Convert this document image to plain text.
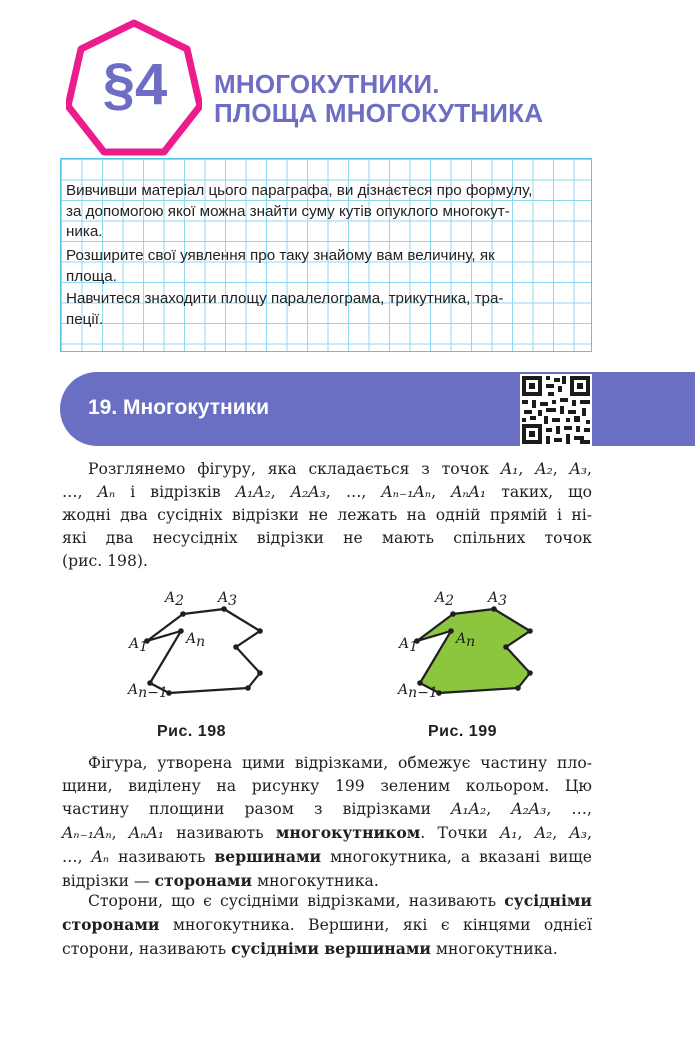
§4	МНОГОКУТНИКИ.
ПЛОЩА МНОГОКУТНИКА
Вивчивши матеріал цього параграфа, ви дізнаєтеся про формулу,
за допомогою якої можна знайти суму кутів опуклого многокут-
ника.
Розширите свої уявлення про таку знайому вам величину, як
площа.
Навчитеся знаходити площу паралелограма, трикутника, тра-
пеції.
19. Многокутники
Розглянемо фігуру, яка складається з точок A₁, A₂, A₃,
…, Aₙ і відрізків A₁A₂, A₂A₃, …, Aₙ₋₁Aₙ, AₙA₁ таких, що
жодні два сусідніх відрізки не лежать на одній прямій і ні-
які два несусідніх відрізки не мають спільних точок
(рис. 198).
A2 A3
A1	An
An−1
Рис. 198
A2 A3
A1	An
An−1
Рис. 199
Фігура, утворена цими відрізками, обмежує частину пло-
щини, виділену на рисунку 199 зеленим кольором. Цю
частину площини разом з відрізками A₁A₂, A₂A₃, …,
Aₙ₋₁Aₙ, AₙA₁ називають многокутником. Точки A₁, A₂, A₃,
…, Aₙ називають вершинами многокутника, а вказані вище
відрізки — сторонами многокутника.
Сторони, що є сусідніми відрізками, називають сусідніми
сторонами многокутника. Вершини, які є кінцями однієї
сторони, називають сусідніми вершинами многокутника.
